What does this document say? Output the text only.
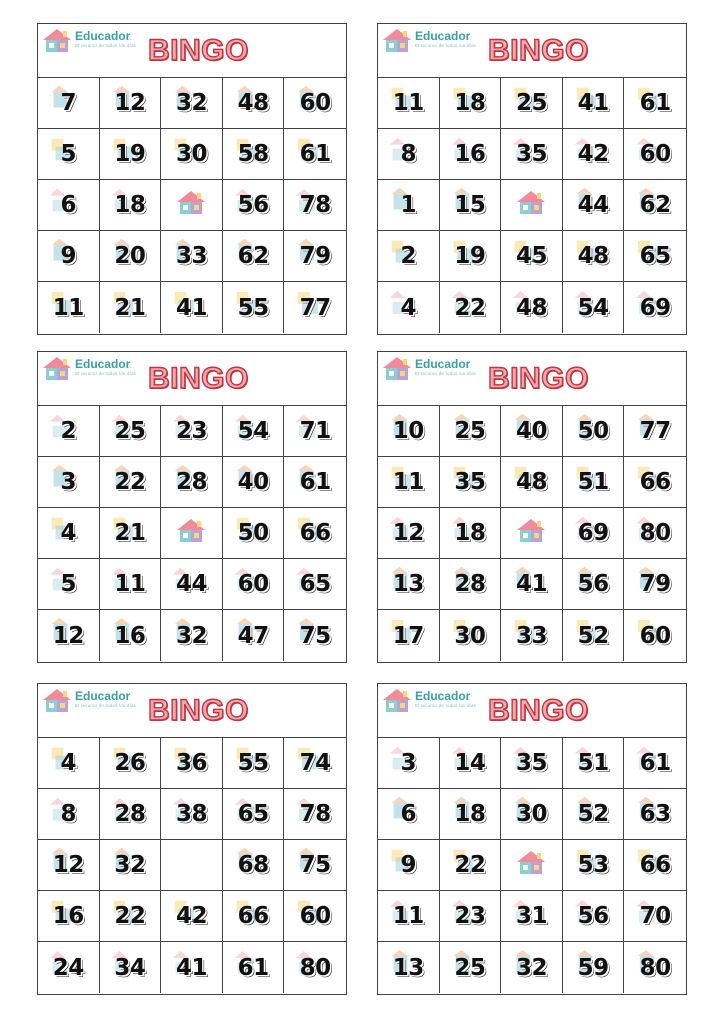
Educador
El recurso de todos los días BINGO
7 12 32 48 60
5 19 30 58 61
6 18	56 78
9 20 33 62 79
11 21 41 55 77
Educador
El recurso de todos los días BINGO
11 18 25 41 61
8 16 35 42 60
1 15	44 62
2 19 45 48 65
4 22 48 54 69
Educador
El recurso de todos los días BINGO
2 25 23 54 71
3 22 28 40 61
4 21	50 66
5 11 44 60 65
12 16 32 47 75
Educador
El recurso de todos los días BINGO
10 25 40 50 77
11 35 48 51 66
12 18	69 80
13 28 41 56 79
17 30 33 52 60
Educador
El recurso de todos los días BINGO
4 26 36 55 74
8 28 38 65 78
12 32	68 75
16 22 42 66 60
24 34 41 61 80
Educador
El recurso de todos los días BINGO
3 14 35 51 61
6 18 30 52 63
9 22	53 66
11 23 31 56 70
13 25 32 59 80
